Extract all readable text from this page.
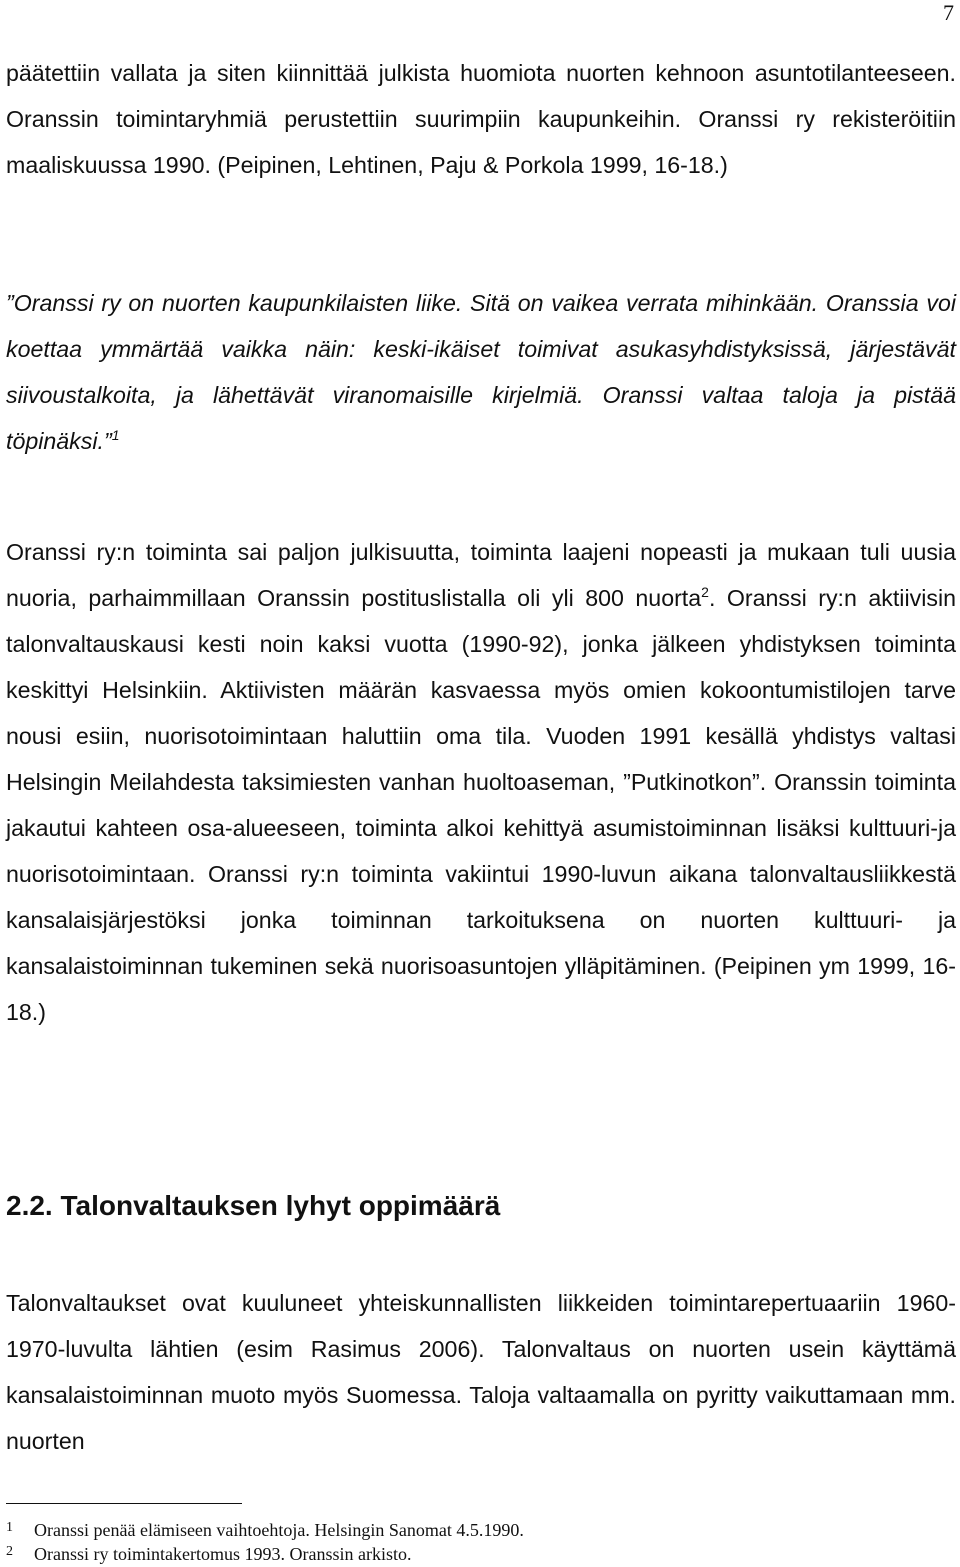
7

päätettiin vallata ja siten kiinnittää julkista huomiota nuorten kehnoon asuntotilanteeseen. Oranssin toimintaryhmiä perustettiin suurimpiin kaupunkeihin. Oranssi ry rekisteröitiin maaliskuussa 1990. (Peipinen, Lehtinen, Paju & Porkola 1999, 16-18.)

”Oranssi ry on nuorten kaupunkilaisten liike. Sitä on vaikea verrata mihinkään. Oranssia voi koettaa ymmärtää vaikka näin: keski-ikäiset toimivat asukasyhdistyksissä, järjestävät siivoustalkoita, ja lähettävät viranomaisille kirjelmiä. Oranssi valtaa taloja ja pistää töpinäksi.”$^1$

Oranssi ry:n toiminta sai paljon julkisuutta, toiminta laajeni nopeasti ja mukaan tuli uusia nuoria, parhaimmillaan Oranssin postituslistalla oli yli 800 nuorta$^2$. Oranssi ry:n aktiivisin talonvaltauskausi kesti noin kaksi vuotta (1990-92), jonka jälkeen yhdistyksen toiminta keskittyi Helsinkiin. Aktiivisten määrän kasvaessa myös omien kokoontumistilojen tarve nousi esiin, nuorisotoimintaan haluttiin oma tila. Vuoden 1991 kesällä yhdistys valtasi Helsingin Meilahdesta taksimiesten vanhan huoltoaseman, ”Putkinotkon”. Oranssin toiminta jakautui kahteen osa-alueeseen, toiminta alkoi kehittyä asumistoiminnan lisäksi kulttuuri-ja nuorisotoimintaan. Oranssi ry:n toiminta vakiintui 1990-luvun aikana talonvaltausliikkestä kansalaisjärjestöksi jonka toiminnan tarkoituksena on nuorten kulttuuri- ja kansalaistoiminnan tukeminen sekä nuorisoasuntojen ylläpitäminen. (Peipinen ym 1999, 16-18.)

2.2. Talonvaltauksen lyhyt oppimäärä

Talonvaltaukset ovat kuuluneet yhteiskunnallisten liikkeiden toimintarepertuaariin 1960-1970-luvulta lähtien (esim Rasimus 2006). Talonvaltaus on nuorten usein käyttämä kansalaistoiminnan muoto myös Suomessa. Taloja valtaamalla on pyritty vaikuttamaan mm. nuorten

1 Oranssi penää elämiseen vaihtoehtoja. Helsingin Sanomat 4.5.1990.
2 Oranssi ry toimintakertomus 1993. Oranssin arkisto.
